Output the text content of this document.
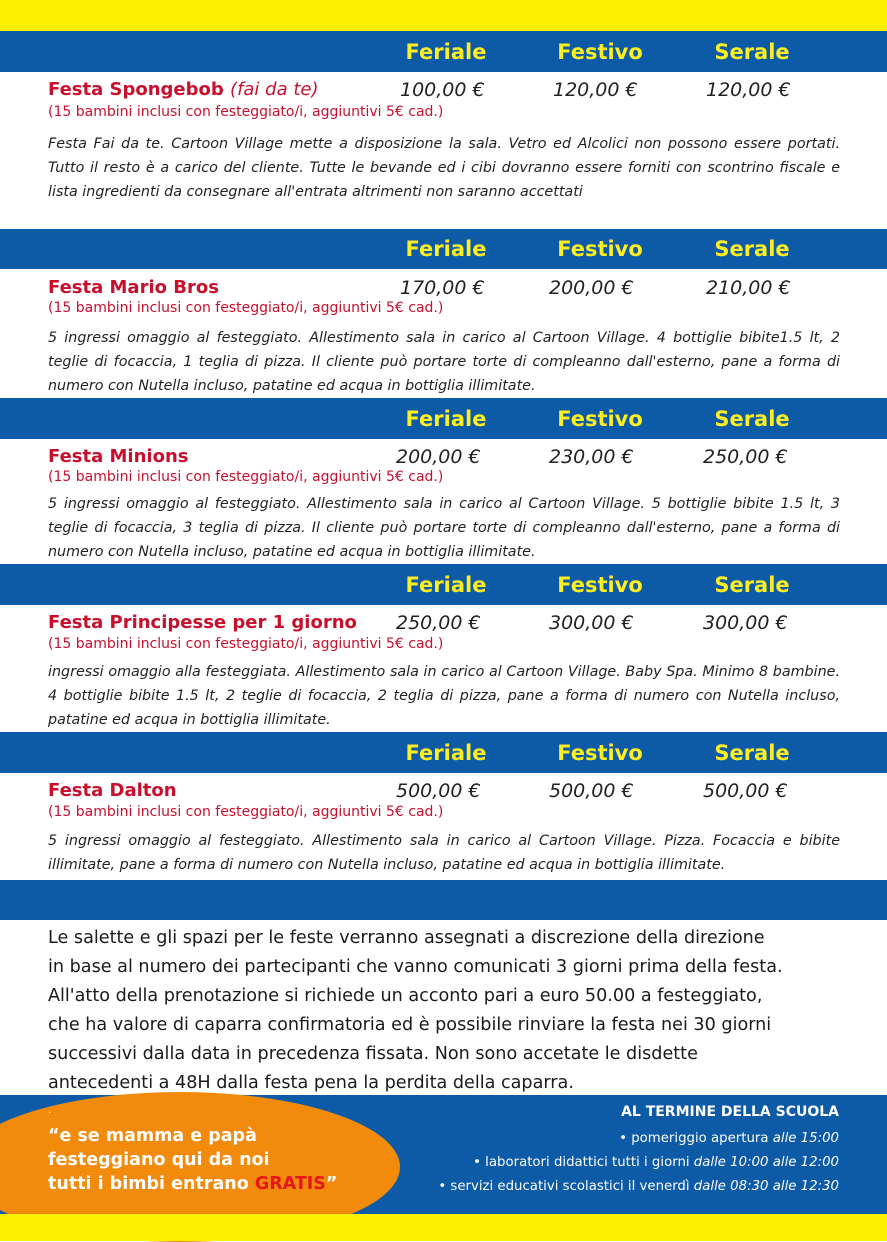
Feriale	Festivo	Serale
Festa Spongebob (fai da te)
(15 bambini inclusi con festeggiato/i, aggiuntivi 5€ cad.)
100,00 €	120,00 €	120,00 €
Festa Fai da te. Cartoon Village mette a disposizione la sala. Vetro ed Alcolici non possono essere portati. Tutto il resto è a carico del cliente. Tutte le bevande ed i cibi dovranno essere forniti con scontrino fiscale e lista ingredienti da consegnare all'entrata altrimenti non saranno accettati
Feriale	Festivo	Serale
Festa Mario Bros
(15 bambini inclusi con festeggiato/i, aggiuntivi 5€ cad.)
170,00 €	200,00 €	210,00 €
5 ingressi omaggio al festeggiato. Allestimento sala in carico al Cartoon Village. 4 bottiglie bibite1.5 lt, 2 teglie di focaccia, 1 teglia di pizza. Il cliente può portare torte di compleanno dall'esterno, pane a forma di numero con Nutella incluso, patatine ed acqua in bottiglia illimitate.
Feriale	Festivo	Serale
Festa Minions
(15 bambini inclusi con festeggiato/i, aggiuntivi 5€ cad.)
200,00 €	230,00 €	250,00 €
5 ingressi omaggio al festeggiato. Allestimento sala in carico al Cartoon Village. 5 bottiglie bibite 1.5 lt, 3 teglie di focaccia, 3 teglia di pizza. Il cliente può portare torte di compleanno dall'esterno, pane a forma di numero con Nutella incluso, patatine ed acqua in bottiglia illimitate.
Feriale	Festivo	Serale
Festa Principesse per 1 giorno
(15 bambini inclusi con festeggiato/i, aggiuntivi 5€ cad.)
250,00 €	300,00 €	300,00 €
ingressi omaggio alla festeggiata. Allestimento sala in carico al Cartoon Village. Baby Spa. Minimo 8 bambine. 4 bottiglie bibite 1.5 lt, 2 teglie di focaccia, 2 teglia di pizza, pane a forma di numero con Nutella incluso, patatine ed acqua in bottiglia illimitate.
Feriale	Festivo	Serale
Festa Dalton
(15 bambini inclusi con festeggiato/i, aggiuntivi 5€ cad.)
500,00 €	500,00 €	500,00 €
5 ingressi omaggio al festeggiato. Allestimento sala in carico al Cartoon Village. Pizza. Focaccia e bibite illimitate, pane a forma di numero con Nutella incluso, patatine ed acqua in bottiglia illimitate.
Le salette e gli spazi per le feste verranno assegnati a discrezione della direzione
in base al numero dei partecipanti che vanno comunicati 3 giorni prima della festa.
All'atto della prenotazione si richiede un acconto pari a euro 50.00 a festeggiato,
che ha valore di caparra confirmatoria ed è possibile rinviare la festa nei 30 giorni
successivi dalla data in precedenza fissata. Non sono accetate le disdette
antecedenti a 48H dalla festa pena la perdita della caparra.
.
“e se mamma e papà
festeggiano qui da noi
tutti i bimbi entrano GRATIS”
AL TERMINE DELLA SCUOLA
• pomeriggio apertura alle 15:00
• laboratori didattici tutti i giorni dalle 10:00 alle 12:00
• servizi educativi scolastici il venerdì dalle 08:30 alle 12:30
